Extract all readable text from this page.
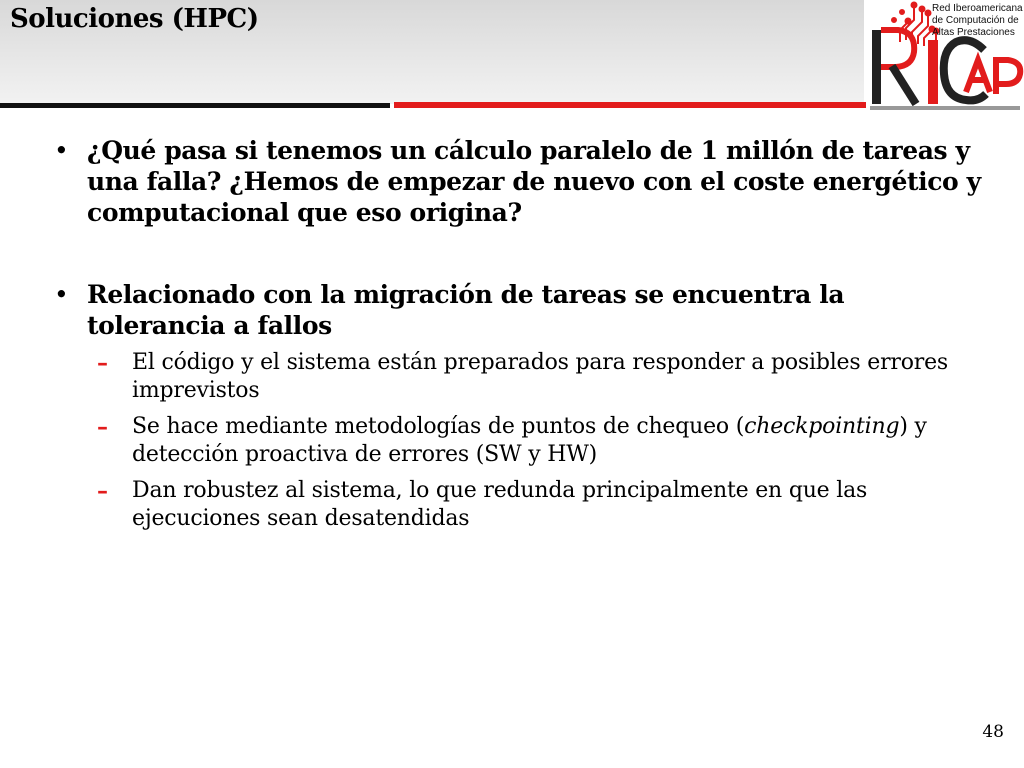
Soluciones (HPC)	Red Iberoamericana
de Computación de
Altas Prestaciones
• ¿Qué pasa si tenemos un cálculo paralelo de 1 millón de tareas y una falla? ¿Hemos de empezar de nuevo con el coste energético y computacional que eso origina?
• Relacionado con la migración de tareas se encuentra la tolerancia a fallos
– El código y el sistema están preparados para responder a posibles errores imprevistos
– Se hace mediante metodologías de puntos de chequeo (checkpointing) y detección proactiva de errores (SW y HW)
– Dan robustez al sistema, lo que redunda principalmente en que las ejecuciones sean desatendidas
48
